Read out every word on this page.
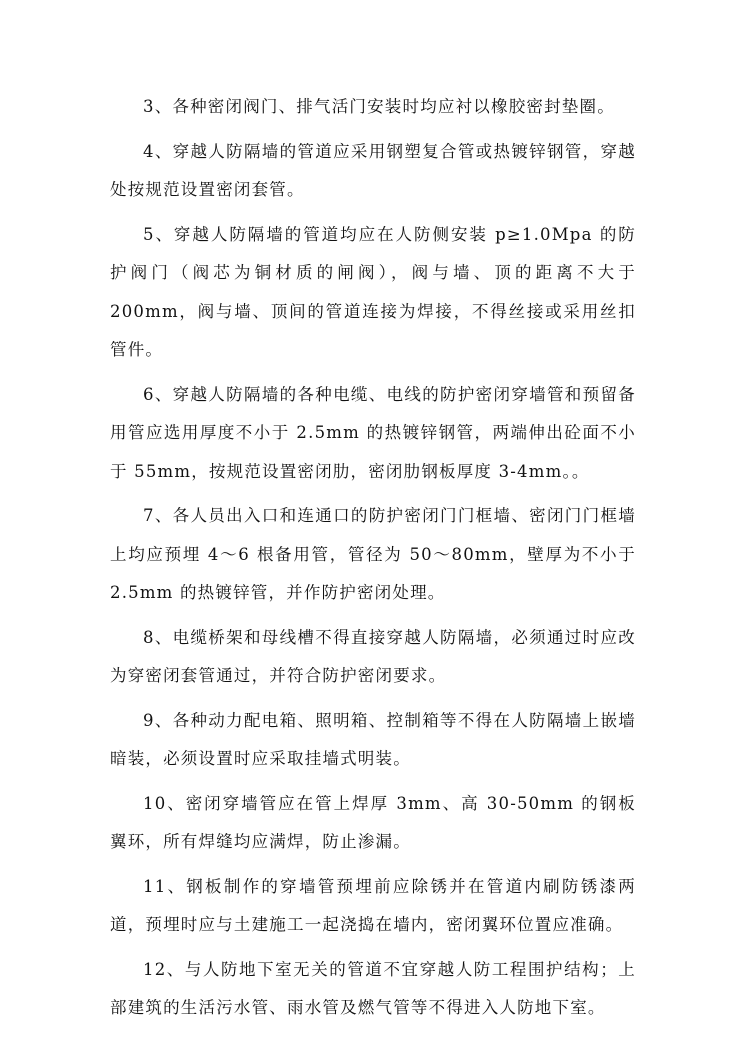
3、各种密闭阀门、排气活门安装时均应衬以橡胶密封垫圈。

4、穿越人防隔墙的管道应采用钢塑复合管或热镀锌钢管，穿越处按规范设置密闭套管。

5、穿越人防隔墙的管道均应在人防侧安装 p≥1.0Mpa 的防护阀门（阀芯为铜材质的闸阀），阀与墙、顶的距离不大于 200mm，阀与墙、顶间的管道连接为焊接，不得丝接或采用丝扣管件。

6、穿越人防隔墙的各种电缆、电线的防护密闭穿墙管和预留备用管应选用厚度不小于 2.5mm 的热镀锌钢管，两端伸出砼面不小于 55mm，按规范设置密闭肋，密闭肋钢板厚度 3-4mm。。

7、各人员出入口和连通口的防护密闭门门框墙、密闭门门框墙上均应预埋 4～6 根备用管，管径为 50～80mm，壁厚为不小于 2.5mm 的热镀锌管，并作防护密闭处理。

8、电缆桥架和母线槽不得直接穿越人防隔墙，必须通过时应改为穿密闭套管通过，并符合防护密闭要求。

9、各种动力配电箱、照明箱、控制箱等不得在人防隔墙上嵌墙暗装，必须设置时应采取挂墙式明装。

10、密闭穿墙管应在管上焊厚 3mm、高 30-50mm 的钢板翼环，所有焊缝均应满焊，防止渗漏。

11、钢板制作的穿墙管预埋前应除锈并在管道内刷防锈漆两道，预埋时应与土建施工一起浇捣在墙内，密闭翼环位置应准确。

12、与人防地下室无关的管道不宜穿越人防工程围护结构；上部建筑的生活污水管、雨水管及燃气管等不得进入人防地下室。
